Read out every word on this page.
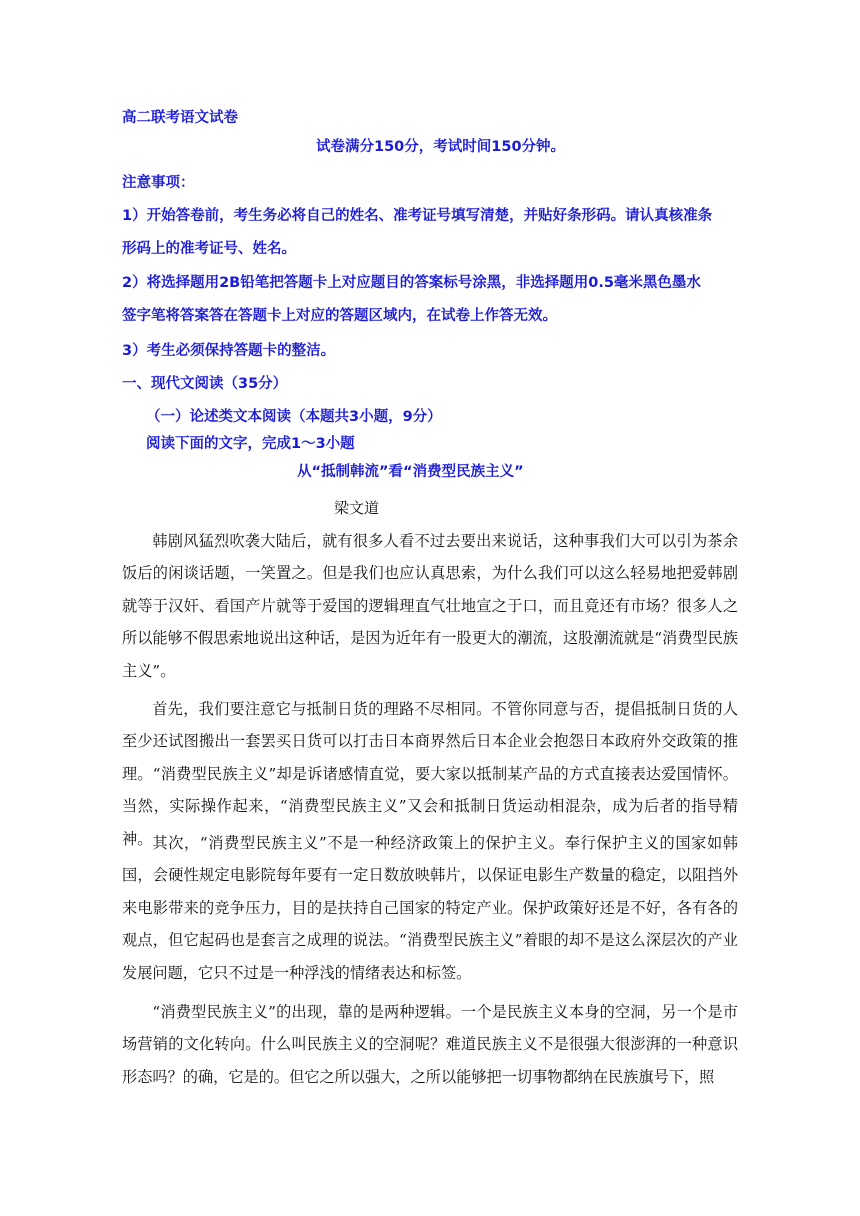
高二联考语文试卷
试卷满分150分，考试时间150分钟。
注意事项：
1）开始答卷前，考生务必将自己的姓名、准考证号填写清楚，并贴好条形码。请认真核准条
形码上的准考证号、姓名。
2）将选择题用2B铅笔把答题卡上对应题目的答案标号涂黑，非选择题用0.5毫米黑色墨水
签字笔将答案答在答题卡上对应的答题区域内，在试卷上作答无效。
3）考生必须保持答题卡的整洁。
一、现代文阅读（35分）
（一）论述类文本阅读（本题共3小题，9分）
阅读下面的文字，完成1～3小题
从“抵制韩流”看“消费型民族主义”
梁文道
韩剧风猛烈吹袭大陆后，就有很多人看不过去要出来说话，这种事我们大可以引为茶余饭后的闲谈话题，一笑置之。但是我们也应认真思索，为什么我们可以这么轻易地把爱韩剧就等于汉奸、看国产片就等于爱国的逻辑理直气壮地宣之于口，而且竟还有市场？很多人之所以能够不假思索地说出这种话，是因为近年有一股更大的潮流，这股潮流就是“消费型民族主义”。
首先，我们要注意它与抵制日货的理路不尽相同。不管你同意与否，提倡抵制日货的人至少还试图搬出一套罢买日货可以打击日本商界然后日本企业会抱怨日本政府外交政策的推理。“消费型民族主义”却是诉诸感情直觉，要大家以抵制某产品的方式直接表达爱国情怀。当然，实际操作起来，“消费型民族主义”又会和抵制日货运动相混杂，成为后者的指导精神。 其次，“消费型民族主义”不是一种经济政策上的保护主义。奉行保护主义的国家如韩国，会硬性规定电影院每年要有一定日数放映韩片，以保证电影生产数量的稳定，以阻挡外来电影带来的竞争压力，目的是扶持自己国家的特定产业。保护政策好还是不好，各有各的观点，但它起码也是套言之成理的说法。“消费型民族主义”着眼的却不是这么深层次的产业发展问题，它只不过是一种浮浅的情绪表达和标签。
“消费型民族主义”的出现，靠的是两种逻辑。一个是民族主义本身的空洞，另一个是市场营销的文化转向。什么叫民族主义的空洞呢？难道民族主义不是很强大很澎湃的一种意识形态吗？的确，它是的。但它之所以强大，之所以能够把一切事物都纳在民族旗号下，照
